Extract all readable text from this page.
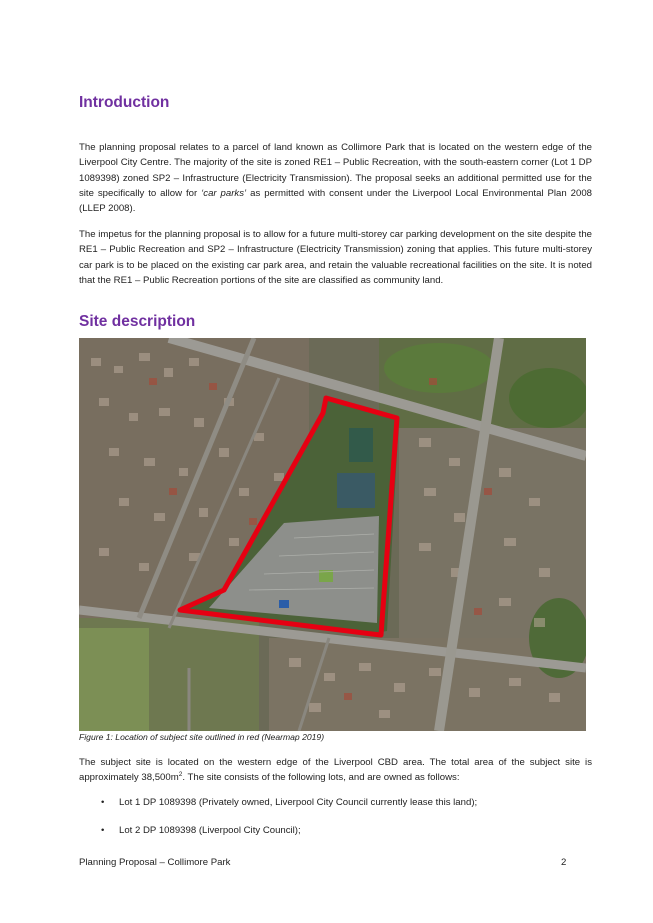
Introduction

The planning proposal relates to a parcel of land known as Collimore Park that is located on the western edge of the Liverpool City Centre. The majority of the site is zoned RE1 – Public Recreation, with the south-eastern corner (Lot 1 DP 1089398) zoned SP2 – Infrastructure (Electricity Transmission). The proposal seeks an additional permitted use for the site specifically to allow for ‘car parks’ as permitted with consent under the Liverpool Local Environmental Plan 2008 (LLEP 2008).

The impetus for the planning proposal is to allow for a future multi-storey car parking development on the site despite the RE1 – Public Recreation and SP2 – Infrastructure (Electricity Transmission) zoning that applies. This future multi-storey car park is to be placed on the existing car park area, and retain the valuable recreational facilities on the site. It is noted that the RE1 – Public Recreation portions of the site are classified as community land.

Site description

Figure 1: Location of subject site outlined in red (Nearmap 2019)

The subject site is located on the western edge of the Liverpool CBD area. The total area of the subject site is approximately $38,500m^2$. The site consists of the following lots, and are owned as follows:

• Lot 1 DP 1089398 (Privately owned, Liverpool City Council currently lease this land);
• Lot 2 DP 1089398 (Liverpool City Council);

Planning Proposal – Collimore Park	2
